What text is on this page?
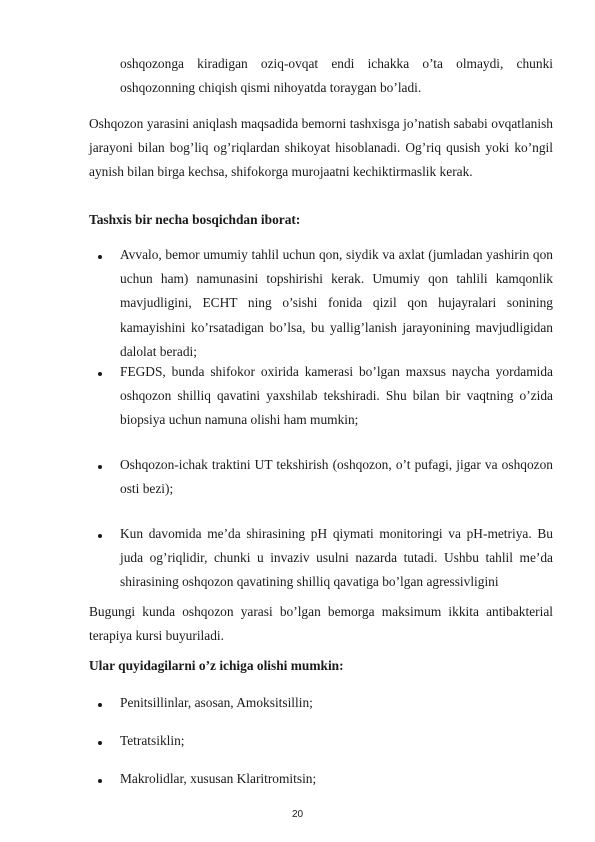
oshqozonga kiradigan oziq-ovqat endi ichakka o’ta olmaydi, chunki oshqozonning chiqish qismi nihoyatda toraygan bo’ladi.
Oshqozon yarasini aniqlash maqsadida bemorni tashxisga jo’natish sababi ovqatlanish jarayoni bilan bog’liq og’riqlardan shikoyat hisoblanadi. Og’riq qusish yoki ko’ngil aynish bilan birga kechsa, shifokorga murojaatni kechiktirmaslik kerak.
Tashxis bir necha bosqichdan iborat:
Avvalo, bemor umumiy tahlil uchun qon, siydik va axlat (jumladan yashirin qon uchun ham) namunasini topshirishi kerak. Umumiy qon tahlili kamqonlik mavjudligini, ECHT ning o’sishi fonida qizil qon hujayralari sonining kamayishini ko’rsatadigan bo’lsa, bu yallig’lanish jarayonining mavjudligidan dalolat beradi;
FEGDS, bunda shifokor oxirida kamerasi bo’lgan maxsus naycha yordamida oshqozon shilliq qavatini yaxshilab tekshiradi. Shu bilan bir vaqtning o’zida biopsiya uchun namuna olishi ham mumkin;
Oshqozon-ichak traktini UT tekshirish (oshqozon, o’t pufagi, jigar va oshqozon osti bezi);
Kun davomida me’da shirasining pH qiymati monitoringi va pH-metriya. Bu juda og’riqlidir, chunki u invaziv usulni nazarda tutadi. Ushbu tahlil me’da shirasining oshqozon qavatining shilliq qavatiga bo’lgan agressivligini
Bugungi kunda oshqozon yarasi bo’lgan bemorga maksimum ikkita antibakterial terapiya kursi buyuriladi.
Ular quyidagilarni o’z ichiga olishi mumkin:
Penitsillinlar, asosan, Amoksitsillin;
Tetratsiklin;
Makrolidlar, xususan Klaritromitsin;
20
